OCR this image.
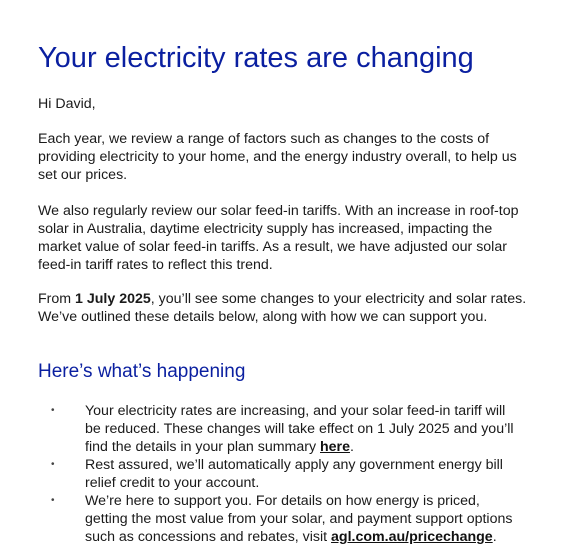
Your electricity rates are changing

Hi David,

Each year, we review a range of factors such as changes to the costs of providing electricity to your home, and the energy industry overall, to help us set our prices.

We also regularly review our solar feed-in tariffs. With an increase in roof-top solar in Australia, daytime electricity supply has increased, impacting the market value of solar feed-in tariffs. As a result, we have adjusted our solar feed-in tariff rates to reflect this trend.

From 1 July 2025, you’ll see some changes to your electricity and solar rates. We’ve outlined these details below, along with how we can support you.

Here’s what’s happening
• Your electricity rates are increasing, and your solar feed-in tariff will be reduced. These changes will take effect on 1 July 2025 and you’ll find the details in your plan summary here.
• Rest assured, we’ll automatically apply any government energy bill relief credit to your account.
• We’re here to support you. For details on how energy is priced, getting the most value from your solar, and payment support options such as concessions and rebates, visit agl.com.au/pricechange.
